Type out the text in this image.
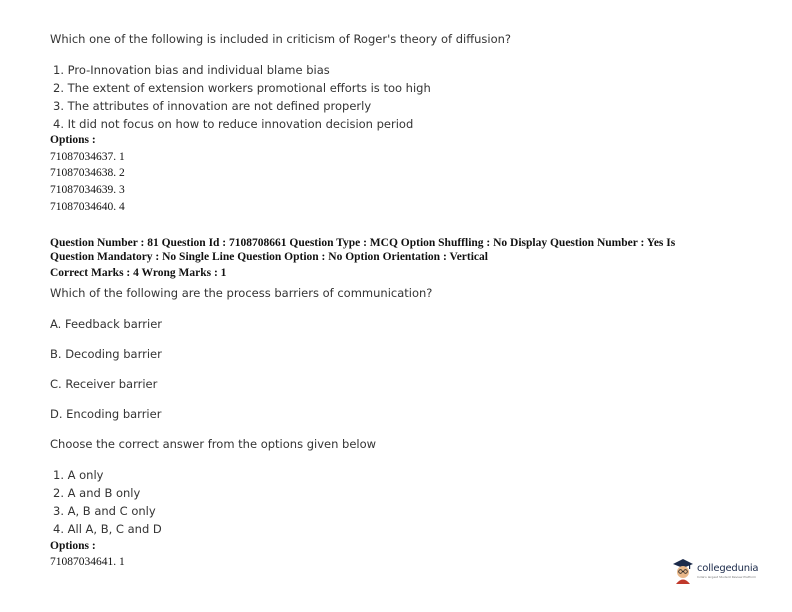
Which one of the following is included in criticism of Roger's theory of diffusion?
1. Pro-Innovation bias and individual blame bias
2. The extent of extension workers promotional efforts is too high
3. The attributes of innovation are not defined properly
4. It did not focus on how to reduce innovation decision period
Options :
71087034637. 1
71087034638. 2
71087034639. 3
71087034640. 4
Question Number : 81 Question Id : 7108708661 Question Type : MCQ Option Shuffling : No Display Question Number : Yes Is
Question Mandatory : No Single Line Question Option : No Option Orientation : Vertical
Correct Marks : 4 Wrong Marks : 1
Which of the following are the process barriers of communication?
A. Feedback barrier
B. Decoding barrier
C. Receiver barrier
D. Encoding barrier
Choose the correct answer from the options given below
1. A only
2. A and B only
3. A, B and C only
4. All A, B, C and D
Options :
71087034641. 1
collegedunia
India's largest Student Review Platform
